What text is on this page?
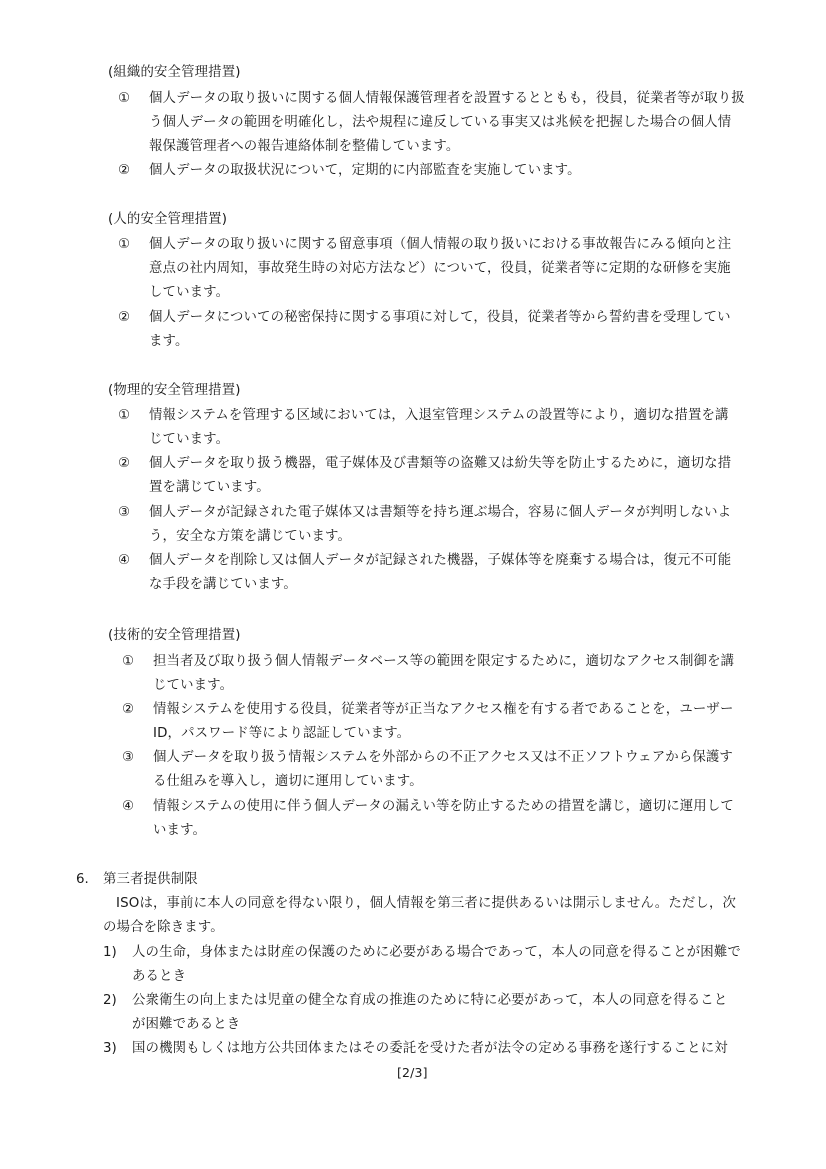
(組織的安全管理措置)
① 個人データの取り扱いに関する個人情報保護管理者を設置するとともも，役員，従業者等が取り扱
う個人データの範囲を明確化し，法や規程に違反している事実又は兆候を把握した場合の個人情
報保護管理者への報告連絡体制を整備しています。
② 個人データの取扱状況について，定期的に内部監査を実施しています。
(人的安全管理措置)
① 個人データの取り扱いに関する留意事項（個人情報の取り扱いにおける事故報告にみる傾向と注
意点の社内周知，事故発生時の対応方法など）について，役員，従業者等に定期的な研修を実施
しています。
② 個人データについての秘密保持に関する事項に対して，役員，従業者等から誓約書を受理してい
ます。
(物理的安全管理措置)
① 情報システムを管理する区域においては，入退室管理システムの設置等により，適切な措置を講
じています。
② 個人データを取り扱う機器，電子媒体及び書類等の盗難又は紛失等を防止するために，適切な措
置を講じています。
③ 個人データが記録された電子媒体又は書類等を持ち運ぶ場合，容易に個人データが判明しないよ
う，安全な方策を講じています。
④ 個人データを削除し又は個人データが記録された機器，子媒体等を廃棄する場合は，復元不可能
な手段を講じています。
(技術的安全管理措置)
① 担当者及び取り扱う個人情報データベース等の範囲を限定するために，適切なアクセス制御を講
じています。
② 情報システムを使用する役員，従業者等が正当なアクセス権を有する者であることを，ユーザー
ID，パスワード等により認証しています。
③ 個人データを取り扱う情報システムを外部からの不正アクセス又は不正ソフトウェアから保護す
る仕組みを導入し，適切に運用しています。
④ 情報システムの使用に伴う個人データの漏えい等を防止するための措置を講じ，適切に運用して
います。
6. 第三者提供制限
ISOは，事前に本人の同意を得ない限り，個人情報を第三者に提供あるいは開示しません。ただし，次
の場合を除きます。
1) 人の生命，身体または財産の保護のために必要がある場合であって，本人の同意を得ることが困難で
あるとき
2) 公衆衛生の向上または児童の健全な育成の推進のために特に必要があって，本人の同意を得ること
が困難であるとき
3) 国の機関もしくは地方公共団体またはその委託を受けた者が法令の定める事務を遂行することに対
[2/3]
